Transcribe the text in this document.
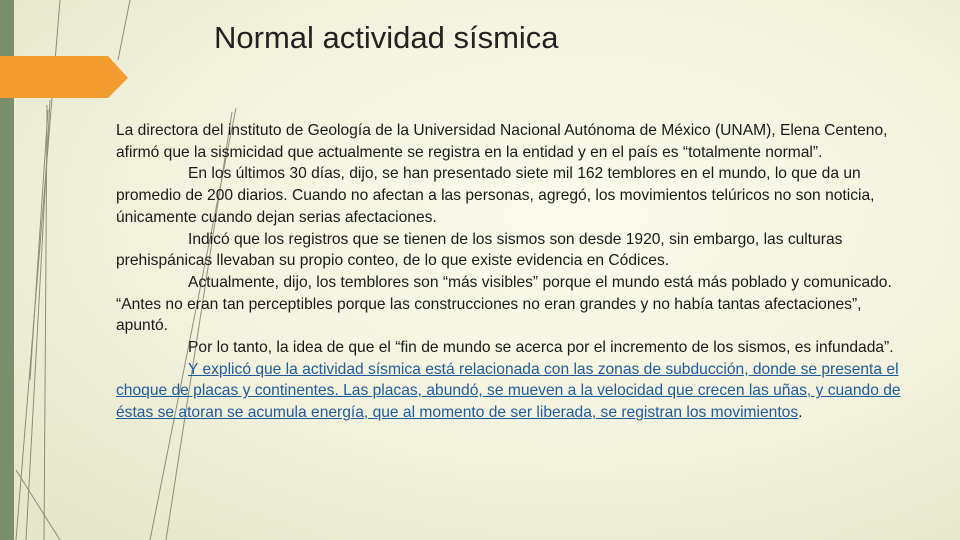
Normal actividad sísmica

La directora del instituto de Geología de la Universidad Nacional Autónoma de México (UNAM), Elena Centeno, afirmó que la sismicidad que actualmente se registra en la entidad y en el país es “totalmente normal”.

En los últimos 30 días, dijo, se han presentado siete mil 162 temblores en el mundo, lo que da un promedio de 200 diarios. Cuando no afectan a las personas, agregó, los movimientos telúricos no son noticia, únicamente cuando dejan serias afectaciones.

Indicó que los registros que se tienen de los sismos son desde 1920, sin embargo, las culturas prehispánicas llevaban su propio conteo, de lo que existe evidencia en Códices.

Actualmente, dijo, los temblores son “más visibles” porque el mundo está más poblado y comunicado. “Antes no eran tan perceptibles porque las construcciones no eran grandes y no había tantas afectaciones”, apuntó.

Por lo tanto, la idea de que el “fin de mundo se acerca por el incremento de los sismos, es infundada”.

Y explicó que la actividad sísmica está relacionada con las zonas de subducción, donde se presenta el choque de placas y continentes. Las placas, abundó, se mueven a la velocidad que crecen las uñas, y cuando de éstas se atoran se acumula energía, que al momento de ser liberada, se registran los movimientos.
